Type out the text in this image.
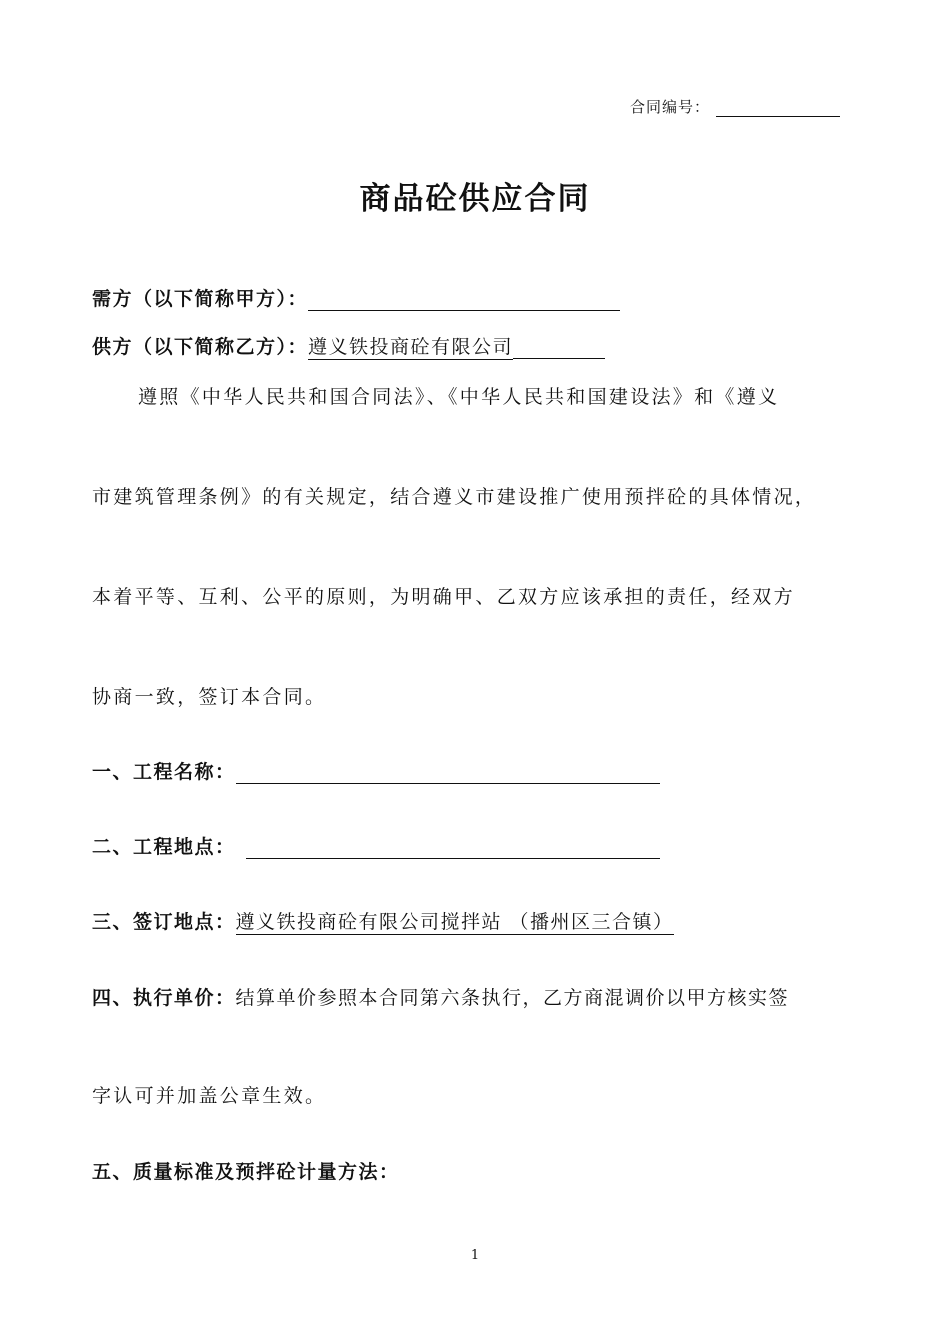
合同编号：
商品砼供应合同
需方（以下简称甲方）：
供方（以下简称乙方）：遵义铁投商砼有限公司
遵照《中华人民共和国合同法》、《中华人民共和国建设法》和《遵义
市建筑管理条例》的有关规定，结合遵义市建设推广使用预拌砼的具体情况，
本着平等、互利、公平的原则，为明确甲、乙双方应该承担的责任，经双方
协商一致，签订本合同。
一、工程名称：
二、工程地点：
三、签订地点：遵义铁投商砼有限公司搅拌站 （播州区三合镇）
四、执行单价：结算单价参照本合同第六条执行，乙方商混调价以甲方核实签
字认可并加盖公章生效。
五、质量标准及预拌砼计量方法：
1
